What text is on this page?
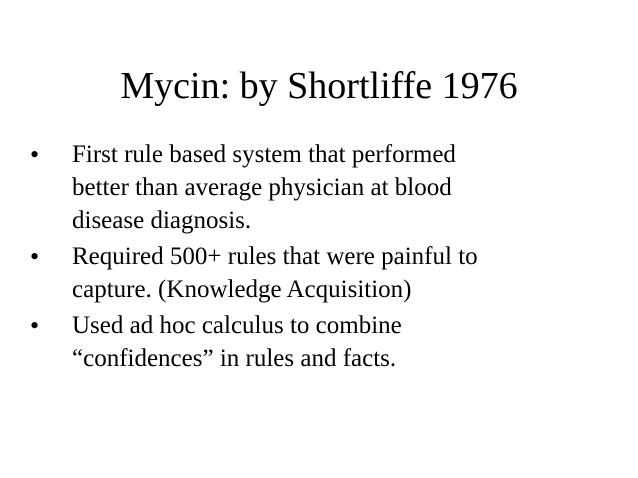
Mycin: by Shortliffe 1976
• First rule based system that performed
better than average physician at blood
disease diagnosis.
• Required 500+ rules that were painful to
capture. (Knowledge Acquisition)
• Used ad hoc calculus to combine
“confidences” in rules and facts.
